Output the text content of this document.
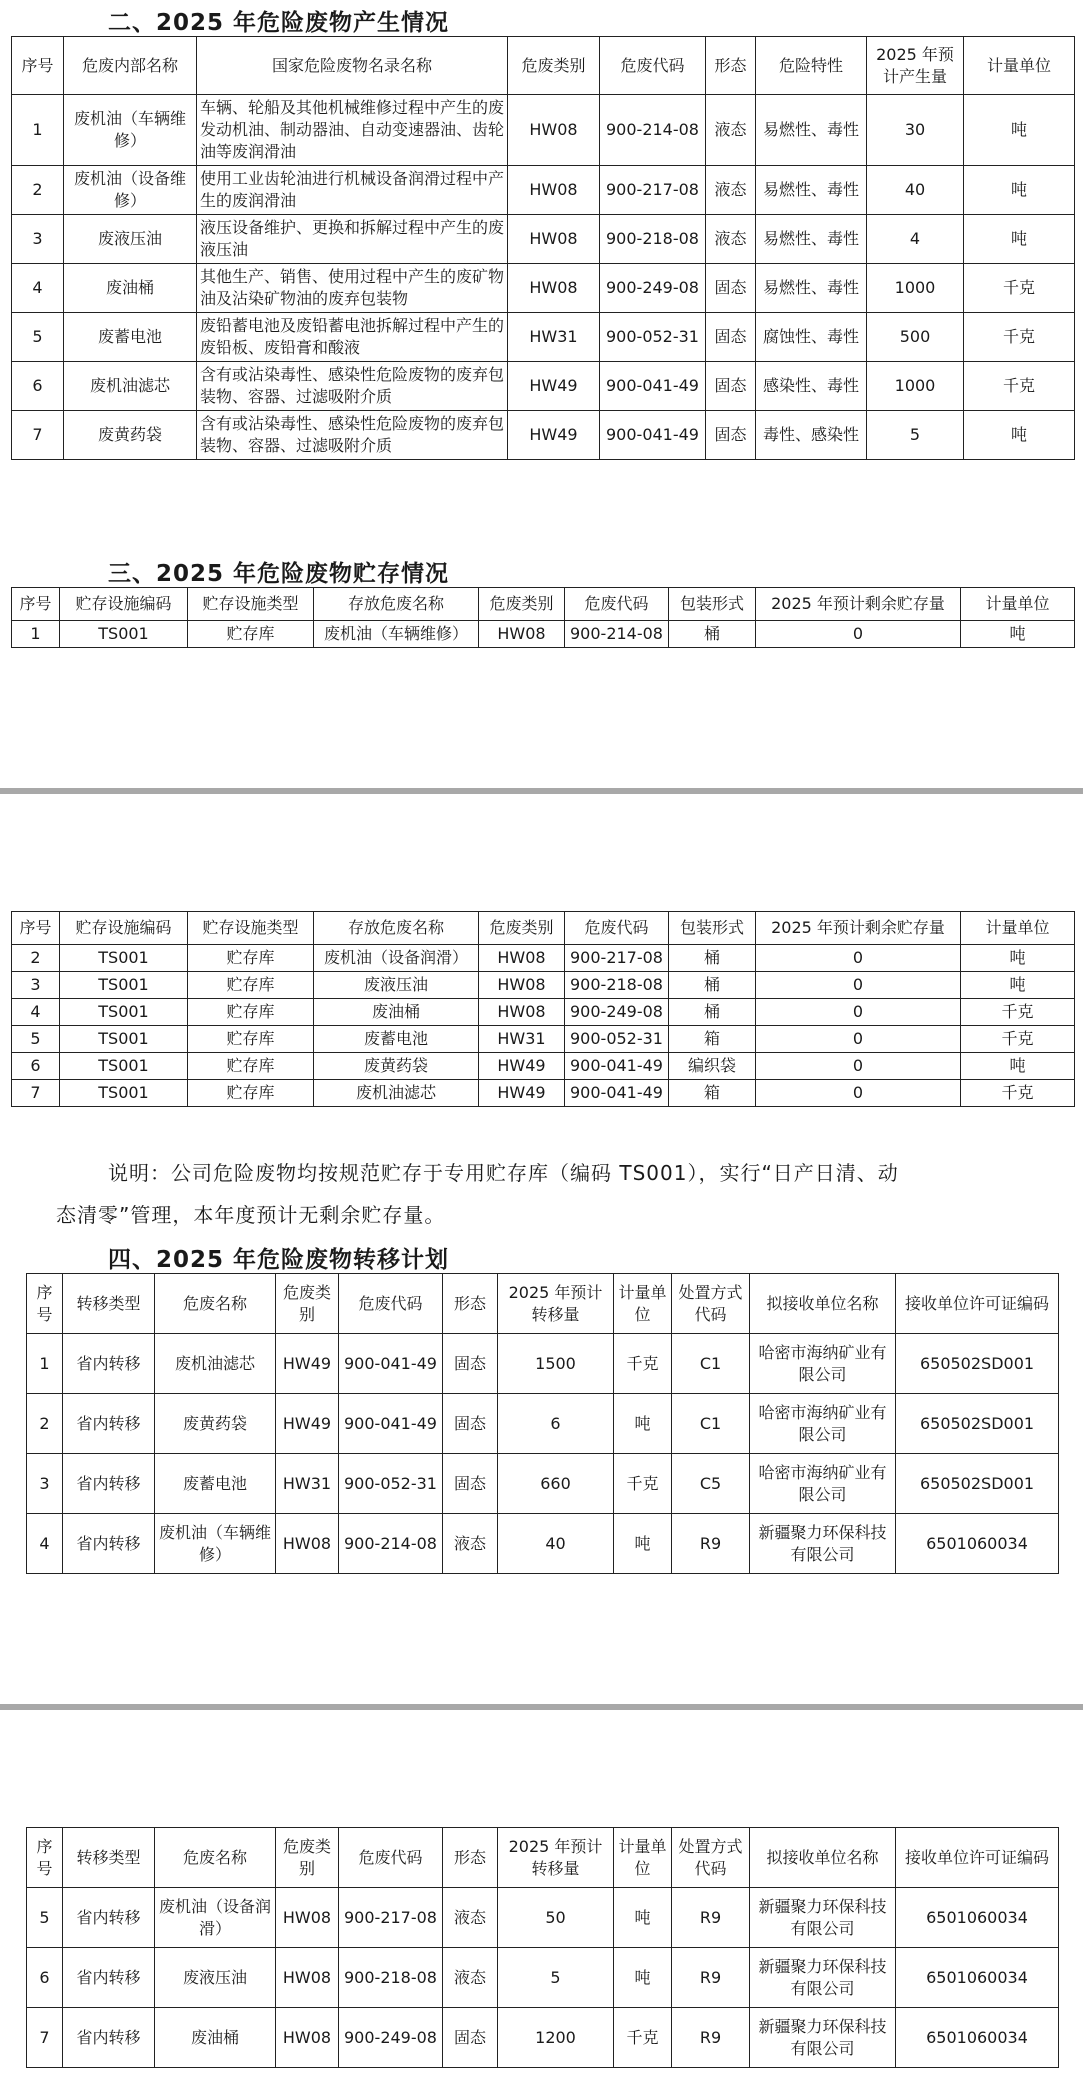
二、2025 年危险废物产生情况
序号	危废内部名称	国家危险废物名录名称	危废类别	危废代码	形态	危险特性	2025 年预计产生量	计量单位
1	废机油（车辆维修）	车辆、轮船及其他机械维修过程中产生的废发动机油、制动器油、自动变速器油、齿轮油等废润滑油	HW08	900-214-08	液态	易燃性、毒性	30	吨
2	废机油（设备维修）	使用工业齿轮油进行机械设备润滑过程中产生的废润滑油	HW08	900-217-08	液态	易燃性、毒性	40	吨
3	废液压油	液压设备维护、更换和拆解过程中产生的废液压油	HW08	900-218-08	液态	易燃性、毒性	4	吨
4	废油桶	其他生产、销售、使用过程中产生的废矿物油及沾染矿物油的废弃包装物	HW08	900-249-08	固态	易燃性、毒性	1000	千克
5	废蓄电池	废铅蓄电池及废铅蓄电池拆解过程中产生的废铅板、废铅膏和酸液	HW31	900-052-31	固态	腐蚀性、毒性	500	千克
6	废机油滤芯	含有或沾染毒性、感染性危险废物的废弃包装物、容器、过滤吸附介质	HW49	900-041-49	固态	感染性、毒性	1000	千克
7	废黄药袋	含有或沾染毒性、感染性危险废物的废弃包装物、容器、过滤吸附介质	HW49	900-041-49	固态	毒性、感染性	5	吨
三、2025 年危险废物贮存情况
序号	贮存设施编码	贮存设施类型	存放危废名称	危废类别	危废代码	包装形式	2025 年预计剩余贮存量	计量单位
1	TS001	贮存库	废机油（车辆维修）	HW08	900-214-08	桶	0	吨
序号	贮存设施编码	贮存设施类型	存放危废名称	危废类别	危废代码	包装形式	2025 年预计剩余贮存量	计量单位
2	TS001	贮存库	废机油（设备润滑）	HW08	900-217-08	桶	0	吨
3	TS001	贮存库	废液压油	HW08	900-218-08	桶	0	吨
4	TS001	贮存库	废油桶	HW08	900-249-08	桶	0	千克
5	TS001	贮存库	废蓄电池	HW31	900-052-31	箱	0	千克
6	TS001	贮存库	废黄药袋	HW49	900-041-49	编织袋	0	吨
7	TS001	贮存库	废机油滤芯	HW49	900-041-49	箱	0	千克

说明：公司危险废物均按规范贮存于专用贮存库（编码 TS001），实行“日产日清、动

态清零”管理，本年度预计无剩余贮存量。

四、2025 年危险废物转移计划
序号	转移类型	危废名称	危废类别	危废代码	形态	2025 年预计转移量	计量单位	处置方式代码	拟接收单位名称	接收单位许可证编码
1	省内转移	废机油滤芯	HW49	900-041-49	固态	1500	千克	C1	哈密市海纳矿业有限公司	650502SD001
2	省内转移	废黄药袋	HW49	900-041-49	固态	6	吨	C1	哈密市海纳矿业有限公司	650502SD001
3	省内转移	废蓄电池	HW31	900-052-31	固态	660	千克	C5	哈密市海纳矿业有限公司	650502SD001
4	省内转移	废机油（车辆维修）	HW08	900-214-08	液态	40	吨	R9	新疆聚力环保科技有限公司	6501060034
序号	转移类型	危废名称	危废类别	危废代码	形态	2025 年预计转移量	计量单位	处置方式代码	拟接收单位名称	接收单位许可证编码
5	省内转移	废机油（设备润滑）	HW08	900-217-08	液态	50	吨	R9	新疆聚力环保科技有限公司	6501060034
6	省内转移	废液压油	HW08	900-218-08	液态	5	吨	R9	新疆聚力环保科技有限公司	6501060034
7	省内转移	废油桶	HW08	900-249-08	固态	1200	千克	R9	新疆聚力环保科技有限公司	6501060034
